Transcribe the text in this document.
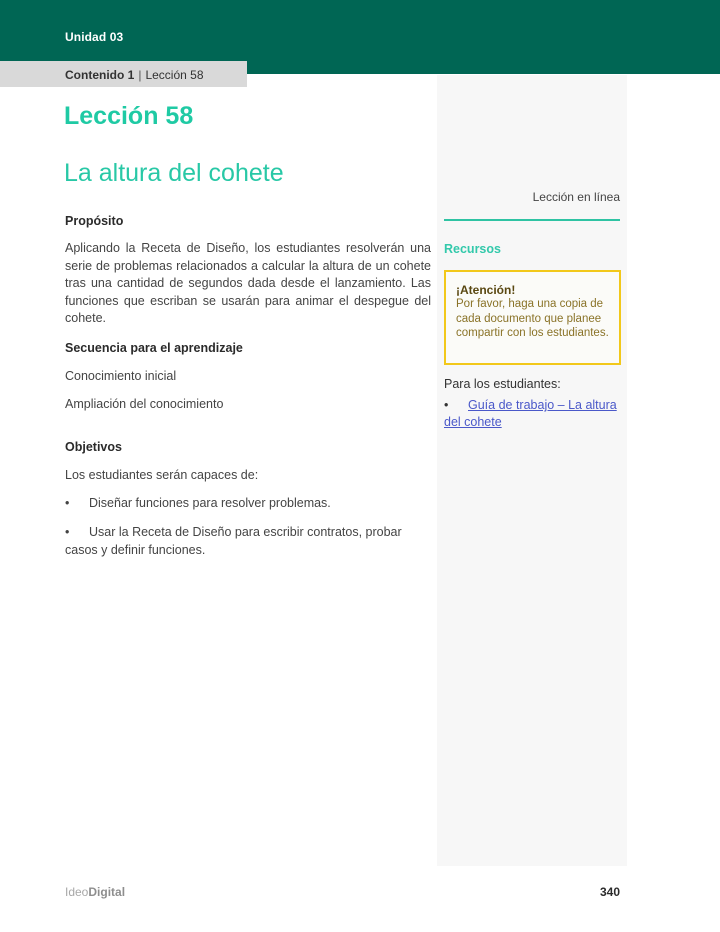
Unidad 03
Contenido 1 | Lección 58
Lección en línea
Recursos
¡Atención!
Por favor, haga una copia de cada documento que planee compartir con los estudiantes.
Para los estudiantes:
• Guía de trabajo – La altura del cohete
Lección 58
La altura del cohete
Propósito

Aplicando la Receta de Diseño, los estudiantes resolverán una serie de problemas relacionados a calcular la altura de un cohete tras una cantidad de segundos dada desde el lanzamiento. Las funciones que escriban se usarán para animar el despegue del cohete.

Secuencia para el aprendizaje
Conocimiento inicial
Ampliación del conocimiento
Objetivos
Los estudiantes serán capaces de:
• Diseñar funciones para resolver problemas.
• Usar la Receta de Diseño para escribir contratos, probar casos y definir funciones.
IdeoDigital	340
